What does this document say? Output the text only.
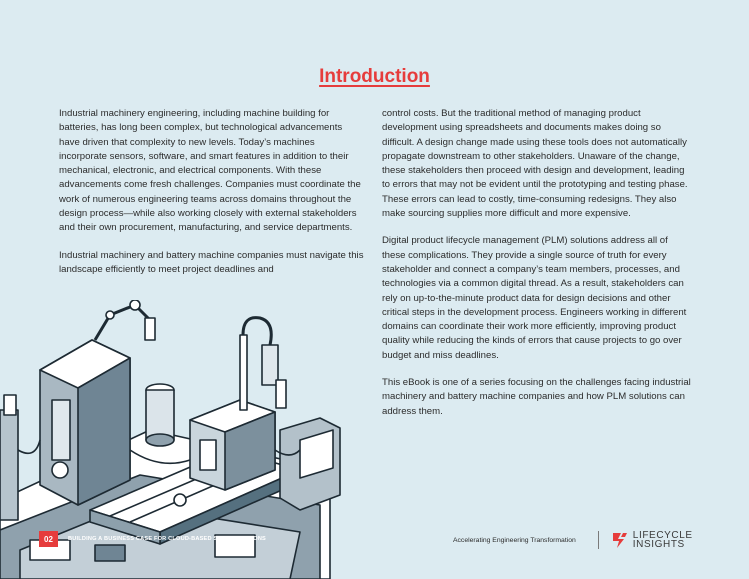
Introduction

Industrial machinery engineering, including machine building for batteries, has long been complex, but technological advancements have driven that complexity to new levels. Today’s machines incorporate sensors, software, and smart features in addition to their mechanical, electronic, and electrical components. With these advancements come fresh challenges. Companies must coordinate the work of numerous engineering teams across domains throughout the design process—while also working closely with external stakeholders and their own procurement, manufacturing, and service departments.

Industrial machinery and battery machine companies must navigate this landscape efficiently to meet project deadlines and

control costs. But the traditional method of managing product development using spreadsheets and documents makes doing so difficult. A design change made using these tools does not automatically propagate downstream to other stakeholders. Unaware of the change, these stakeholders then proceed with design and development, leading to errors that may not be evident until the prototyping and testing phase. These errors can lead to costly, time-consuming redesigns. They also make sourcing supplies more difficult and more expensive.

Digital product lifecycle management (PLM) solutions address all of these complications. They provide a single source of truth for every stakeholder and connect a company’s team members, processes, and technologies via a common digital thread. As a result, stakeholders can rely on up-to-the-minute product data for design decisions and other critical steps in the development process. Engineers working in different domains can coordinate their work more efficiently, improving product quality while reducing the kinds of errors that cause projects to go over budget and miss deadlines.

This eBook is one of a series focusing on the challenges facing industrial machinery and battery machine companies and how PLM solutions can address them.

02	BUILDING A BUSINESS CASE FOR CLOUD-BASED SAAS SOLUTIONS	Accelerating Engineering Transformation	LIFECYCLE
INSIGHTS
